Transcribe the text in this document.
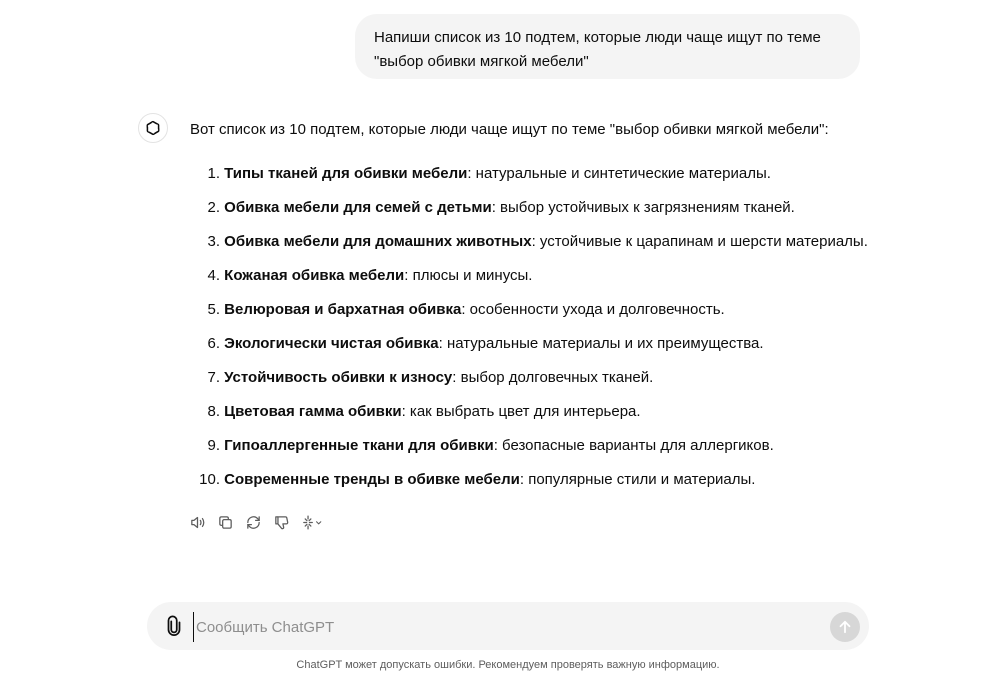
Напиши список из 10 подтем, которые люди чаще ищут по теме
"выбор обивки мягкой мебели"
Вот список из 10 подтем, которые люди чаще ищут по теме "выбор обивки мягкой мебели":
1. Типы тканей для обивки мебели: натуральные и синтетические материалы.
2. Обивка мебели для семей с детьми: выбор устойчивых к загрязнениям тканей.
3. Обивка мебели для домашних животных: устойчивые к царапинам и шерсти материалы.
4. Кожаная обивка мебели: плюсы и минусы.
5. Велюровая и бархатная обивка: особенности ухода и долговечность.
6. Экологически чистая обивка: натуральные материалы и их преимущества.
7. Устойчивость обивки к износу: выбор долговечных тканей.
8. Цветовая гамма обивки: как выбрать цвет для интерьера.
9. Гипоаллергенные ткани для обивки: безопасные варианты для аллергиков.
10. Современные тренды в обивке мебели: популярные стили и материалы.
Сообщить ChatGPT
ChatGPT может допускать ошибки. Рекомендуем проверять важную информацию.
